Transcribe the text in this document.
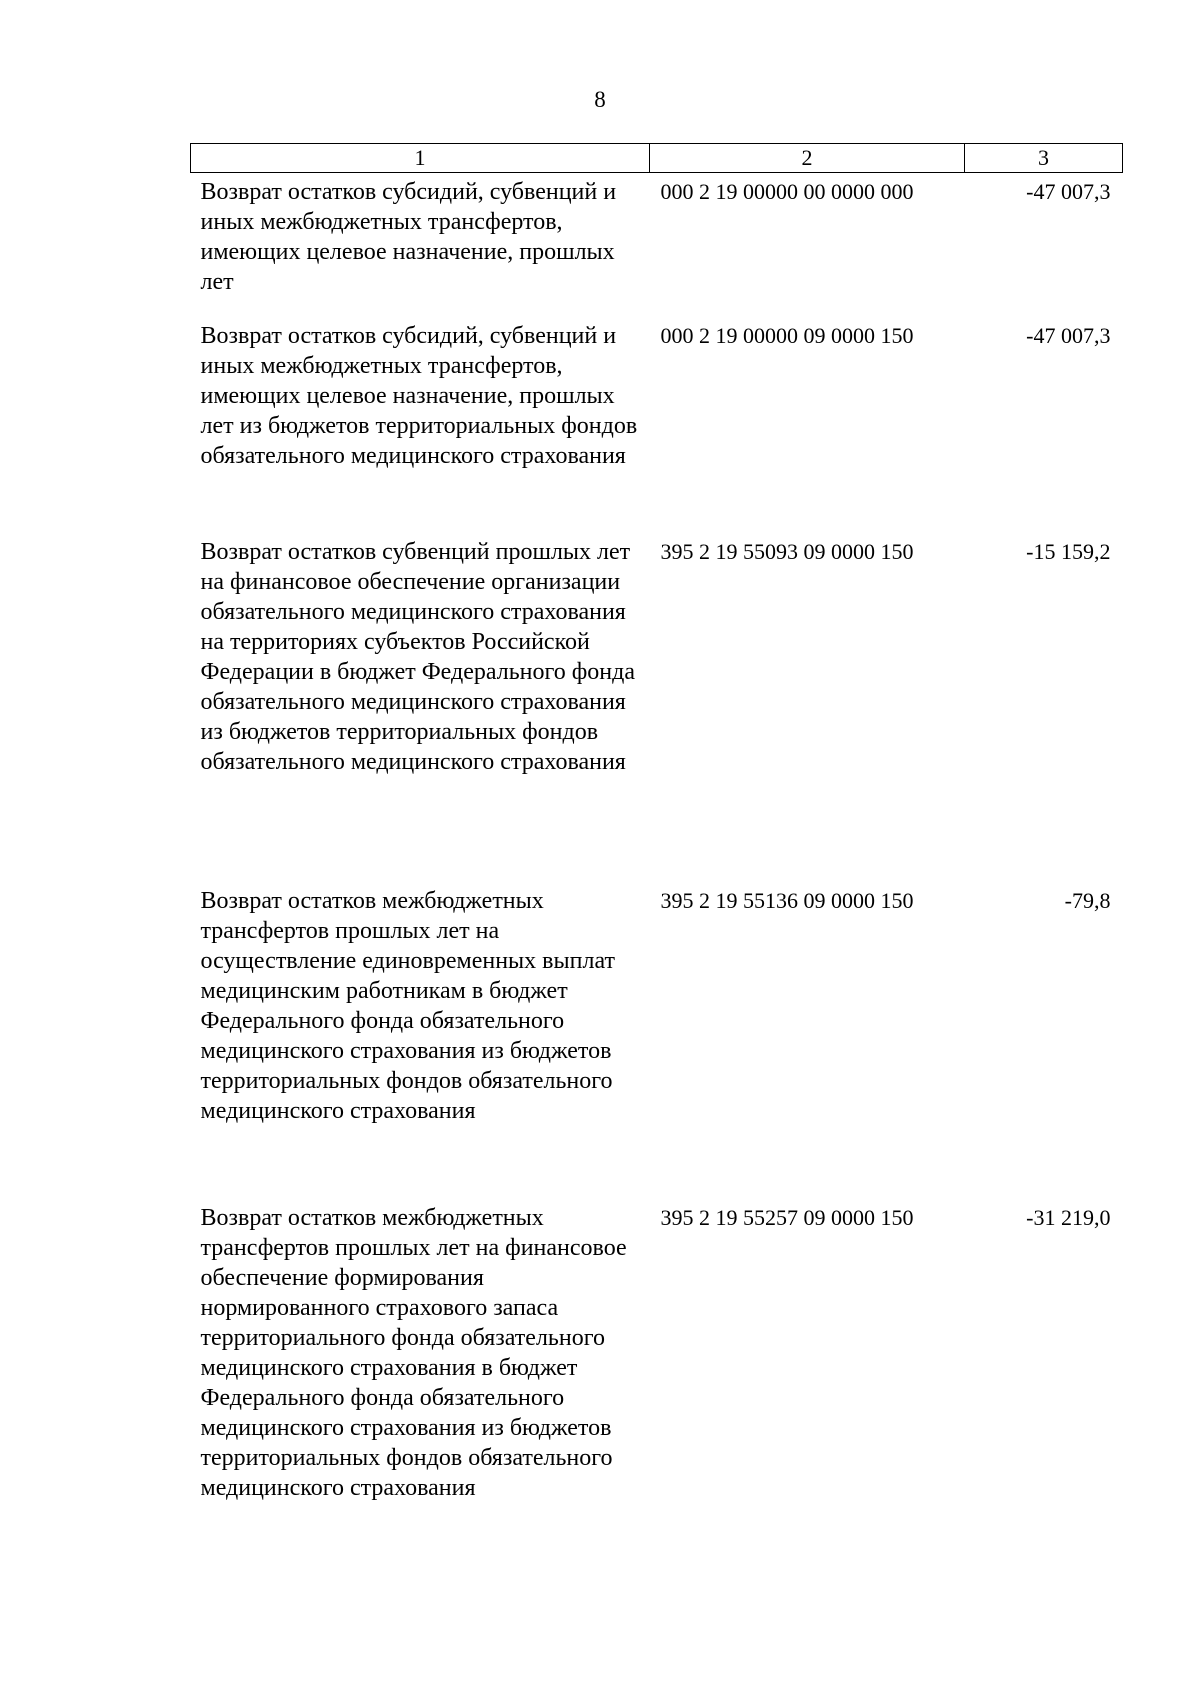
8
1	2	3
Возврат остатков субсидий, субвенций и иных межбюджетных трансфертов, имеющих целевое назначение, прошлых лет	000 2 19 00000 00 0000 000	-47 007,3
Возврат остатков субсидий, субвенций и иных межбюджетных трансфертов, имеющих целевое назначение, прошлых лет из бюджетов территориальных фондов обязательного медицинского страхования	000 2 19 00000 09 0000 150	-47 007,3
Возврат остатков субвенций прошлых лет на финансовое обеспечение организации обязательного медицинского страхования на территориях субъектов Российской Федерации в бюджет Федерального фонда обязательного медицинского страхования из бюджетов территориальных фондов обязательного медицинского страхования	395 2 19 55093 09 0000 150	-15 159,2
Возврат остатков межбюджетных трансфертов прошлых лет на осуществление единовременных выплат медицинским работникам в бюджет Федерального фонда обязательного медицинского страхования из бюджетов территориальных фондов обязательного медицинского страхования	395 2 19 55136 09 0000 150	-79,8
Возврат остатков межбюджетных трансфертов прошлых лет на финансовое обеспечение формирования нормированного страхового запаса территориального фонда обязательного медицинского страхования в бюджет Федерального фонда обязательного медицинского страхования из бюджетов территориальных фондов обязательного медицинского страхования	395 2 19 55257 09 0000 150	-31 219,0
